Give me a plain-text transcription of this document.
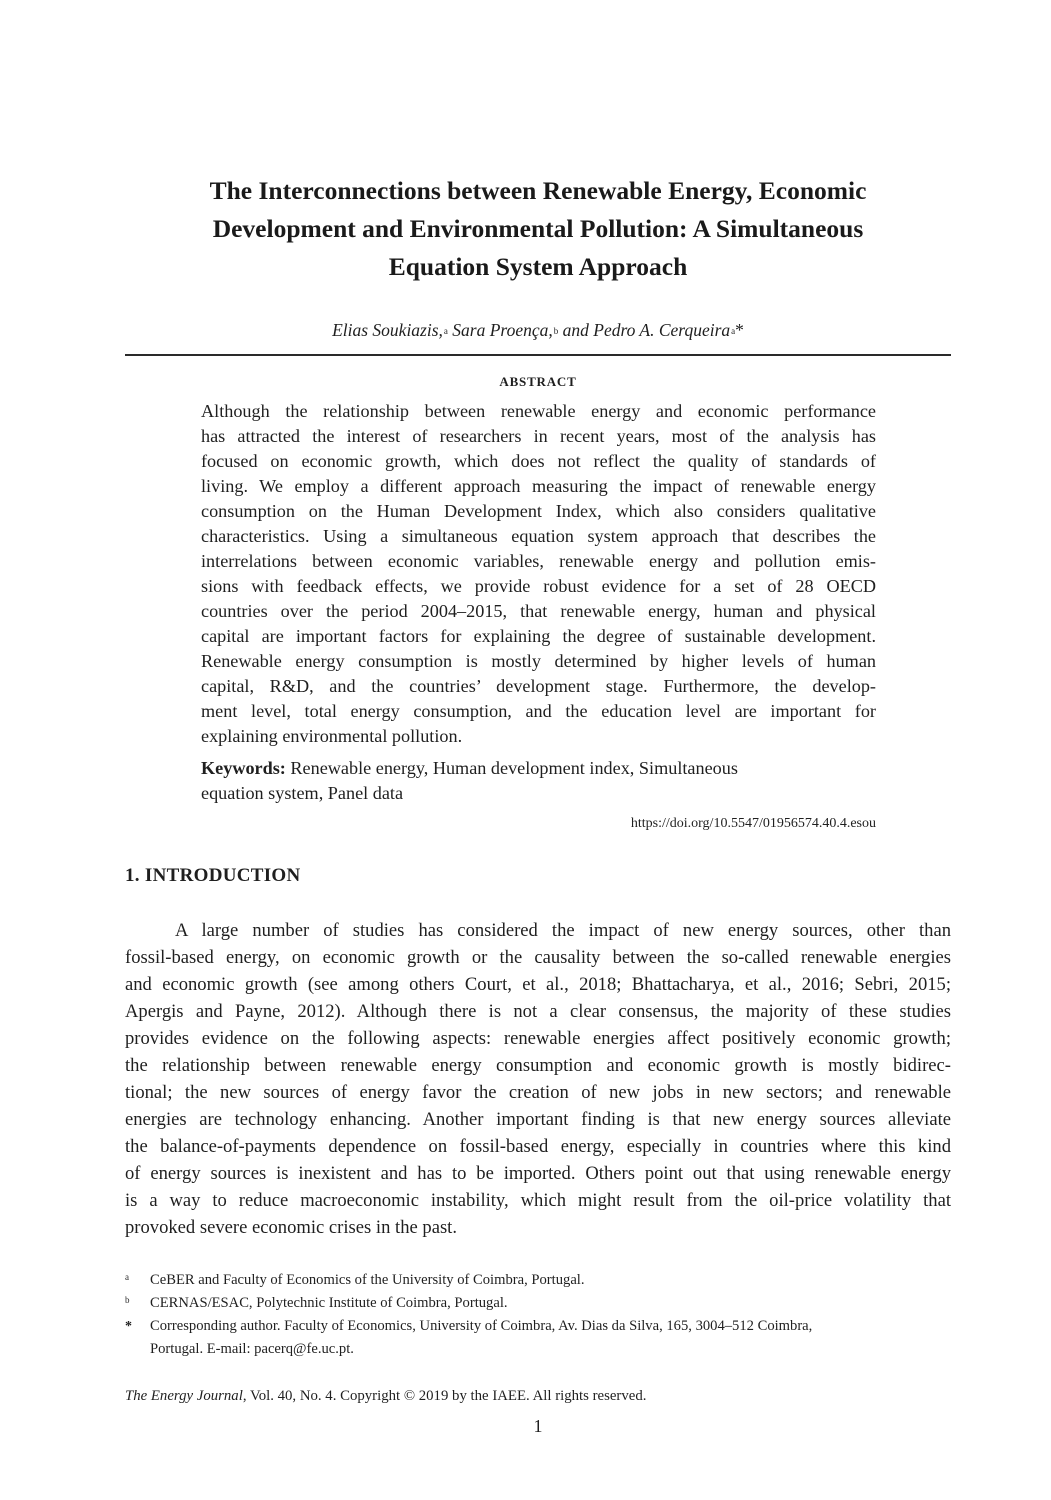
The Interconnections between Renewable Energy, Economic
Development and Environmental Pollution: A Simultaneous
Equation System Approach
Elias Soukiazis,$^a$ Sara Proença,$^b$ and Pedro A. Cerqueira$^a$*
ABSTRACT
Although the relationship between renewable energy and economic performance
has attracted the interest of researchers in recent years, most of the analysis has
focused on economic growth, which does not reflect the quality of standards of
living. We employ a different approach measuring the impact of renewable energy
consumption on the Human Development Index, which also considers qualitative
characteristics. Using a simultaneous equation system approach that describes the
interrelations between economic variables, renewable energy and pollution emis-
sions with feedback effects, we provide robust evidence for a set of 28 OECD
countries over the period 2004–2015, that renewable energy, human and physical
capital are important factors for explaining the degree of sustainable development.
Renewable energy consumption is mostly determined by higher levels of human
capital, R&D, and the countries’ development stage. Furthermore, the develop-
ment level, total energy consumption, and the education level are important for
explaining environmental pollution.
Keywords: Renewable energy, Human development index, Simultaneous
equation system, Panel data
https://doi.org/10.5547/01956574.40.4.esou
1. INTRODUCTION
A large number of studies has considered the impact of new energy sources, other than
fossil-based energy, on economic growth or the causality between the so-called renewable energies
and economic growth (see among others Court, et al., 2018; Bhattacharya, et al., 2016; Sebri, 2015;
Apergis and Payne, 2012). Although there is not a clear consensus, the majority of these studies
provides evidence on the following aspects: renewable energies affect positively economic growth;
the relationship between renewable energy consumption and economic growth is mostly bidirec-
tional; the new sources of energy favor the creation of new jobs in new sectors; and renewable
energies are technology enhancing. Another important finding is that new energy sources alleviate
the balance-of-payments dependence on fossil-based energy, especially in countries where this kind
of energy sources is inexistent and has to be imported. Others point out that using renewable energy
is a way to reduce macroeconomic instability, which might result from the oil-price volatility that
provoked severe economic crises in the past.
a CeBER and Faculty of Economics of the University of Coimbra, Portugal.
b CERNAS/ESAC, Polytechnic Institute of Coimbra, Portugal.
* Corresponding author. Faculty of Economics, University of Coimbra, Av. Dias da Silva, 165, 3004–512 Coimbra,
Portugal. E-mail: pacerq@fe.uc.pt.
The Energy Journal, Vol. 40, No. 4. Copyright © 2019 by the IAEE. All rights reserved.
1
